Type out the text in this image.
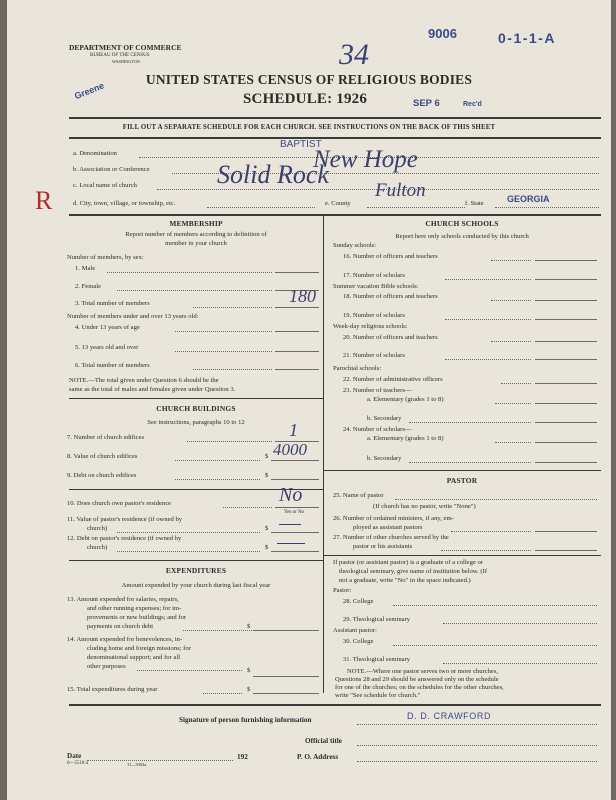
DEPARTMENT OF COMMERCE
BUREAU OF THE CENSUS
WASHINGTON
9006	0-1-1-A
34
Greene
UNITED STATES CENSUS OF RELIGIOUS BODIES
SCHEDULE: 1926	SEP 6	Rec'd
FILL OUT A SEPARATE SCHEDULE FOR EACH CHURCH. SEE INSTRUCTIONS ON THE BACK OF THIS SHEET
a. Denomination
BAPTIST
b. Association or Conference	New Hope
R
c. Local name of church	Solid Rock
d. City, town, village, or township, etc.	e. County
Fulton
f. State	GEORGIA
MEMBERSHIP
Report number of members according to definition of
member in your church
Number of members, by sex:
1. Male
2. Female
3. Total number of members	180
Number of members under and over 13 years old:
4. Under 13 years of age
5. 13 years old and over
6. Total number of members
NOTE.—The total given under Question 6 should be the
same as the total of males and females given under Question 3.
CHURCH BUILDINGS
See instructions, paragraphs 10 to 12
7. Number of church edifices	1
8. Value of church edifices	$ 4000
9. Debt on church edifices	$
10. Does church own pastor's residence	No
Yes or No
11. Value of pastor's residence (if owned by
church)	$
12. Debt on pastor's residence (if owned by
church)	$
EXPENDITURES
Amount expended by your church during last fiscal year
13. Amount expended for salaries, repairs,
and other running expenses; for im-
provements or new buildings; and for
payments on church debt	$
14. Amount expended for benevolences, in-
cluding home and foreign missions; for
denominational support; and for all
other purposes
$
15. Total expenditures during year	$
CHURCH SCHOOLS
Report here only schools conducted by this church
Sunday schools:
16. Number of officers and teachers
17. Number of scholars
Summer vacation Bible schools:
18. Number of officers and teachers
19. Number of scholars
Week-day religious schools:
20. Number of officers and teachers
21. Number of scholars
Parochial schools:
22. Number of administrative officers
23. Number of teachers—
a. Elementary (grades 1 to 8)
b. Secondary
24. Number of scholars—
a. Elementary (grades 1 to 8)
b. Secondary
PASTOR
25. Name of pastor
(If church has no pastor, write "None")
26. Number of ordained ministers, if any, em-
ployed as assistant pastors
27. Number of other churches served by the
pastor or his assistants
If pastor (or assistant pastor) is a graduate of a college or
theological seminary, give name of institution below. (If
not a graduate, write "No" in the space indicated.)
Pastor:
28. College
29. Theological seminary
Assistant pastor:
30. College
31. Theological seminary
NOTE.—Where one pastor serves two or more churches,
Questions 28 and 29 should be answered only on the schedule
for one of the churches; on the schedules for the other churches,
write "See schedule for church."
Signature of person furnishing information	D. D. CRAWFORD
Official title
Date	192	P. O. Address
6—5518 a	11—9384a
